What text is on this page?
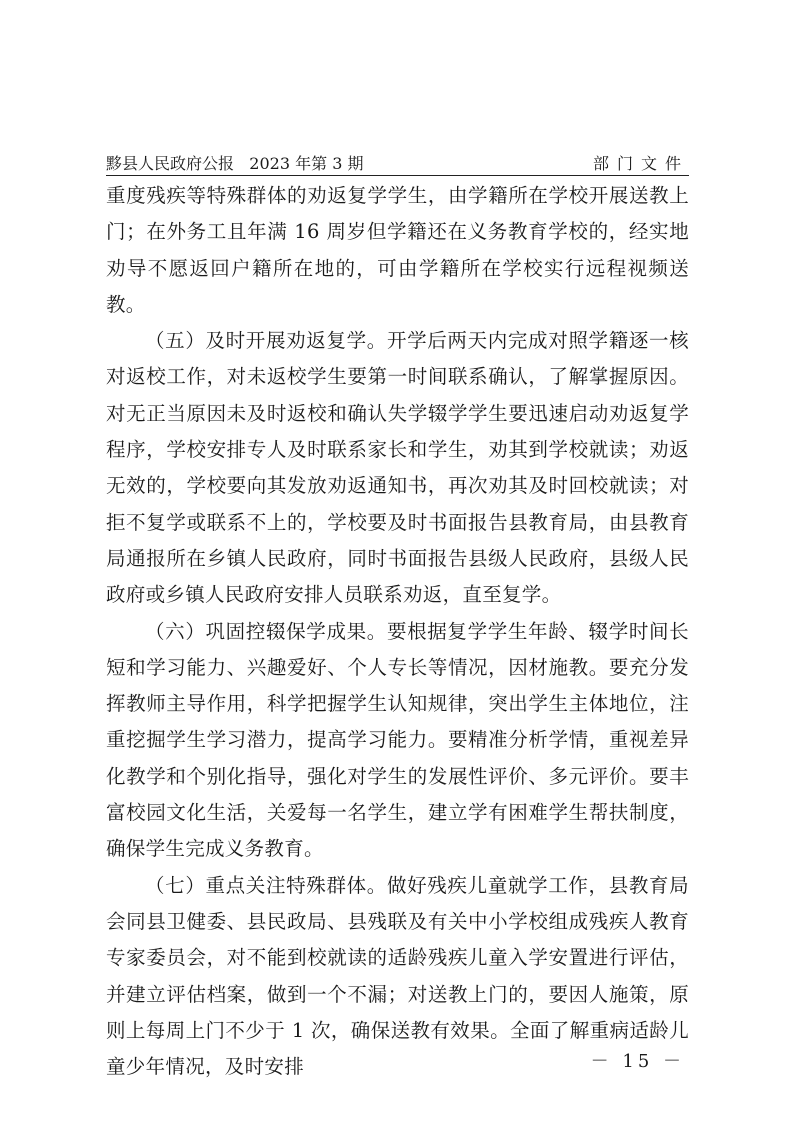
黟县人民政府公报 2023 年第 3 期	部门文件

重度残疾等特殊群体的劝返复学学生，由学籍所在学校开展送教上门；在外务工且年满 16 周岁但学籍还在义务教育学校的，经实地劝导不愿返回户籍所在地的，可由学籍所在学校实行远程视频送教。

（五）及时开展劝返复学。开学后两天内完成对照学籍逐一核对返校工作，对未返校学生要第一时间联系确认，了解掌握原因。对无正当原因未及时返校和确认失学辍学学生要迅速启动劝返复学程序，学校安排专人及时联系家长和学生，劝其到学校就读；劝返无效的，学校要向其发放劝返通知书，再次劝其及时回校就读；对拒不复学或联系不上的，学校要及时书面报告县教育局，由县教育局通报所在乡镇人民政府，同时书面报告县级人民政府，县级人民政府或乡镇人民政府安排人员联系劝返，直至复学。

（六）巩固控辍保学成果。要根据复学学生年龄、辍学时间长短和学习能力、兴趣爱好、个人专长等情况，因材施教。要充分发挥教师主导作用，科学把握学生认知规律，突出学生主体地位，注重挖掘学生学习潜力，提高学习能力。要精准分析学情，重视差异化教学和个别化指导，强化对学生的发展性评价、多元评价。要丰富校园文化生活，关爱每一名学生，建立学有困难学生帮扶制度，确保学生完成义务教育。

（七）重点关注特殊群体。做好残疾儿童就学工作，县教育局会同县卫健委、县民政局、县残联及有关中小学校组成残疾人教育专家委员会，对不能到校就读的适龄残疾儿童入学安置进行评估，并建立评估档案，做到一个不漏；对送教上门的，要因人施策，原则上每周上门不少于 1 次，确保送教有效果。全面了解重病适龄儿童少年情况，及时安排	－ 15 －
